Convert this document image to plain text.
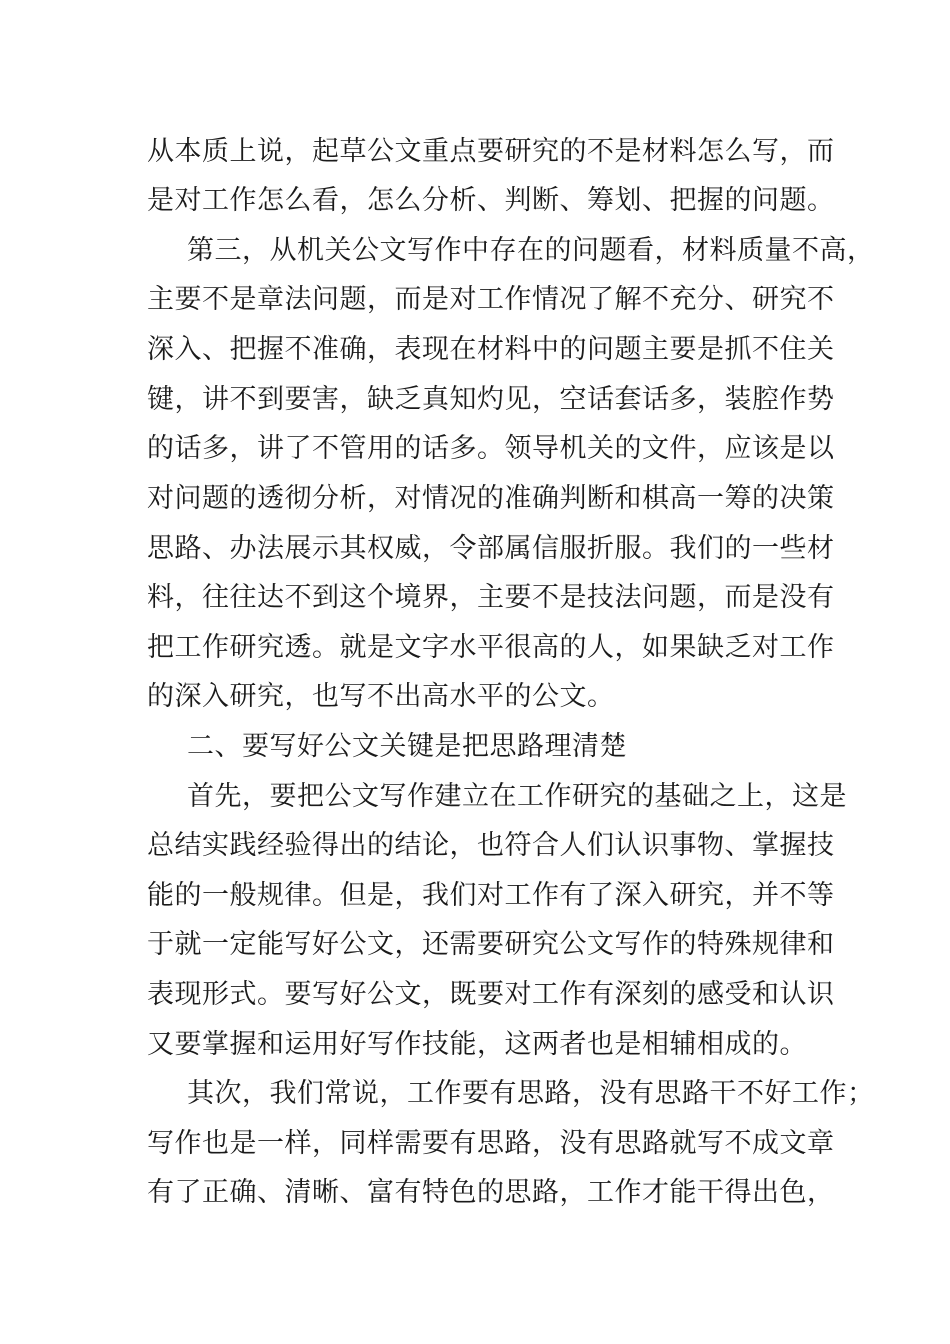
从本质上说，起草公文重点要研究的不是材料怎么写，而
是对工作怎么看，怎么分析、判断、筹划、把握的问题。
第三，从机关公文写作中存在的问题看，材料质量不高，
主要不是章法问题，而是对工作情况了解不充分、研究不
深入、把握不准确，表现在材料中的问题主要是抓不住关
键，讲不到要害，缺乏真知灼见，空话套话多，装腔作势
的话多，讲了不管用的话多。领导机关的文件，应该是以
对问题的透彻分析，对情况的准确判断和棋高一筹的决策
思路、办法展示其权威，令部属信服折服。我们的一些材
料，往往达不到这个境界，主要不是技法问题，而是没有
把工作研究透。就是文字水平很高的人，如果缺乏对工作
的深入研究，也写不出高水平的公文。
二、要写好公文关键是把思路理清楚
首先，要把公文写作建立在工作研究的基础之上，这是
总结实践经验得出的结论，也符合人们认识事物、掌握技
能的一般规律。但是，我们对工作有了深入研究，并不等
于就一定能写好公文，还需要研究公文写作的特殊规律和
表现形式。要写好公文，既要对工作有深刻的感受和认识
又要掌握和运用好写作技能，这两者也是相辅相成的。
其次，我们常说，工作要有思路，没有思路干不好工作；
写作也是一样，同样需要有思路，没有思路就写不成文章
有了正确、清晰、富有特色的思路，工作才能干得出色，
